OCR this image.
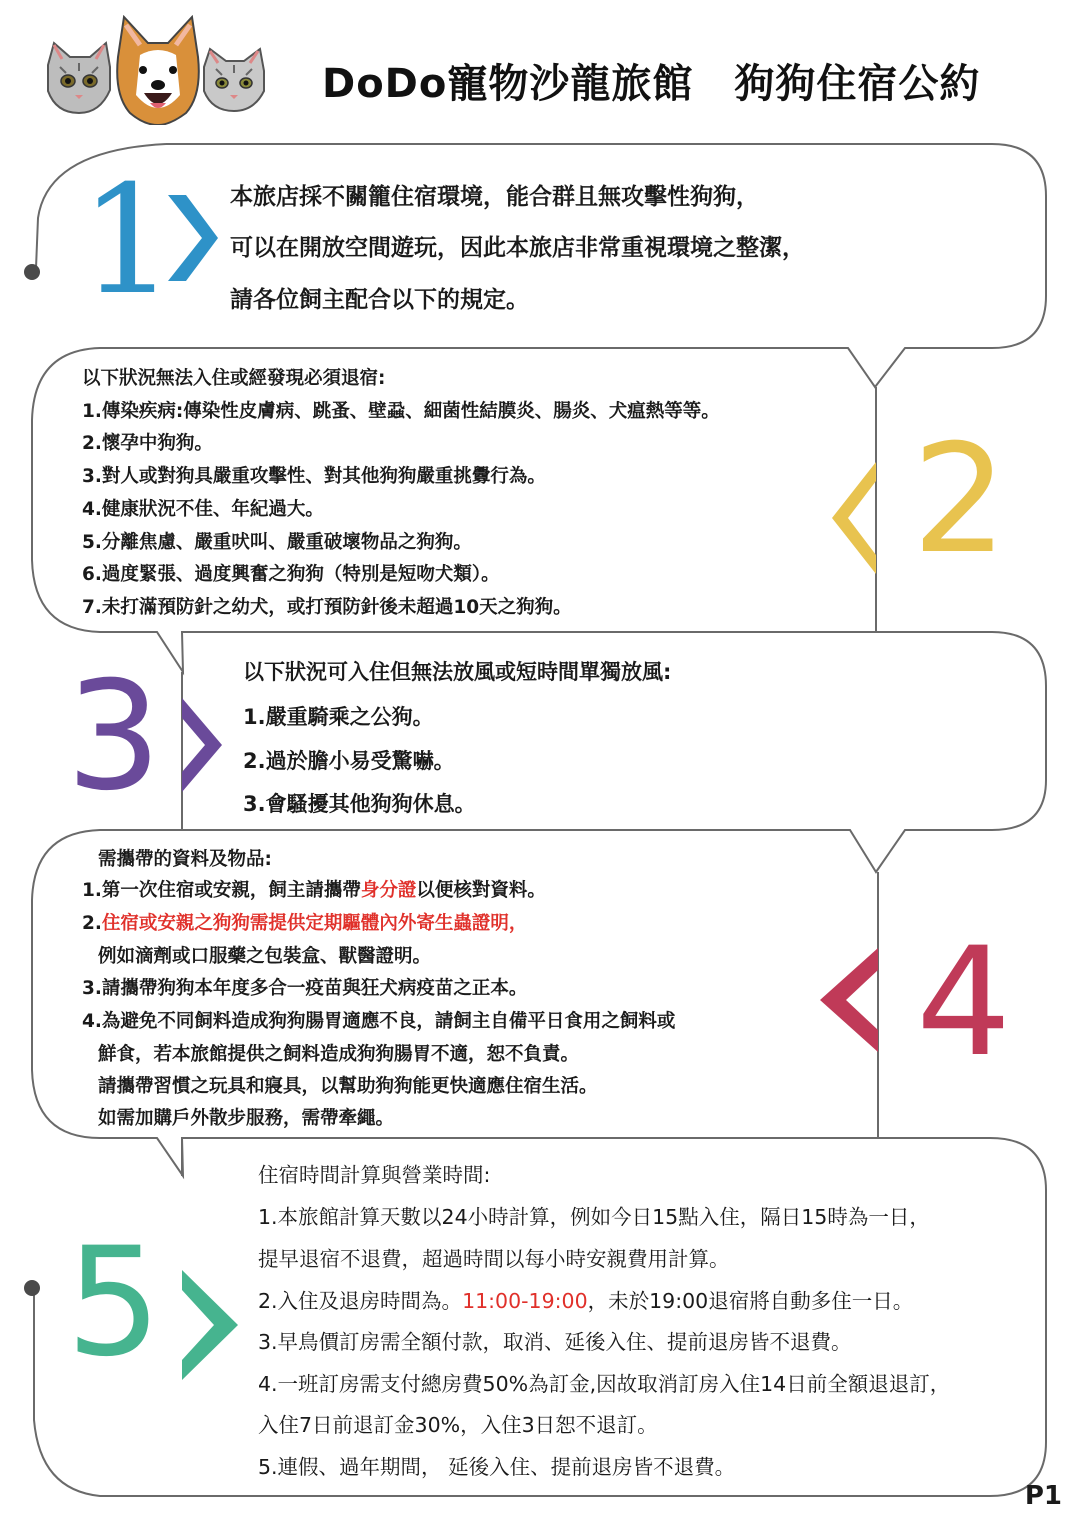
DoDo寵物沙龍旅館　狗狗住宿公約
1 本旅店採不關籠住宿環境，能合群且無攻擊性狗狗，
可以在開放空間遊玩，因此本旅店非常重視環境之整潔，
請各位飼主配合以下的規定。
2
以下狀況無法入住或經發現必須退宿:
1.傳染疾病:傳染性皮膚病、跳蚤、壁蝨、細菌性結膜炎、腸炎、犬瘟熱等等。
2.懷孕中狗狗。
3.對人或對狗具嚴重攻擊性、對其他狗狗嚴重挑釁行為。
4.健康狀況不佳、年紀過大。
5.分離焦慮、嚴重吠叫、嚴重破壞物品之狗狗。
6.過度緊張、過度興奮之狗狗（特別是短吻犬類）。
7.未打滿預防針之幼犬，或打預防針後未超過10天之狗狗。
3	以下狀況可入住但無法放風或短時間單獨放風:
1.嚴重騎乘之公狗。
2.過於膽小易受驚嚇。
3.會騷擾其他狗狗休息。
4
需攜帶的資料及物品:
1.第一次住宿或安親，飼主請攜帶身分證以便核對資料。
2.住宿或安親之狗狗需提供定期驅體內外寄生蟲證明，
例如滴劑或口服藥之包裝盒、獸醫證明。
3.請攜帶狗狗本年度多合一疫苗與狂犬病疫苗之正本。
4.為避免不同飼料造成狗狗腸胃適應不良，請飼主自備平日食用之飼料或
鮮食，若本旅館提供之飼料造成狗狗腸胃不適，恕不負責。
請攜帶習慣之玩具和寢具，以幫助狗狗能更快適應住宿生活。
如需加購戶外散步服務，需帶牽繩。
5
住宿時間計算與營業時間:
1.本旅館計算天數以24小時計算，例如今日15點入住，隔日15時為一日，
提早退宿不退費，超過時間以每小時安親費用計算。
2.入住及退房時間為。11:00-19:00，未於19:00退宿將自動多住一日。
3.早鳥價訂房需全額付款，取消、延後入住、提前退房皆不退費。
4.一班訂房需支付總房費50%為訂金,因故取消訂房入住14日前全額退退訂，
入住7日前退訂金30%，入住3日恕不退訂。
5.連假、過年期間， 延後入住、提前退房皆不退費。
P1
